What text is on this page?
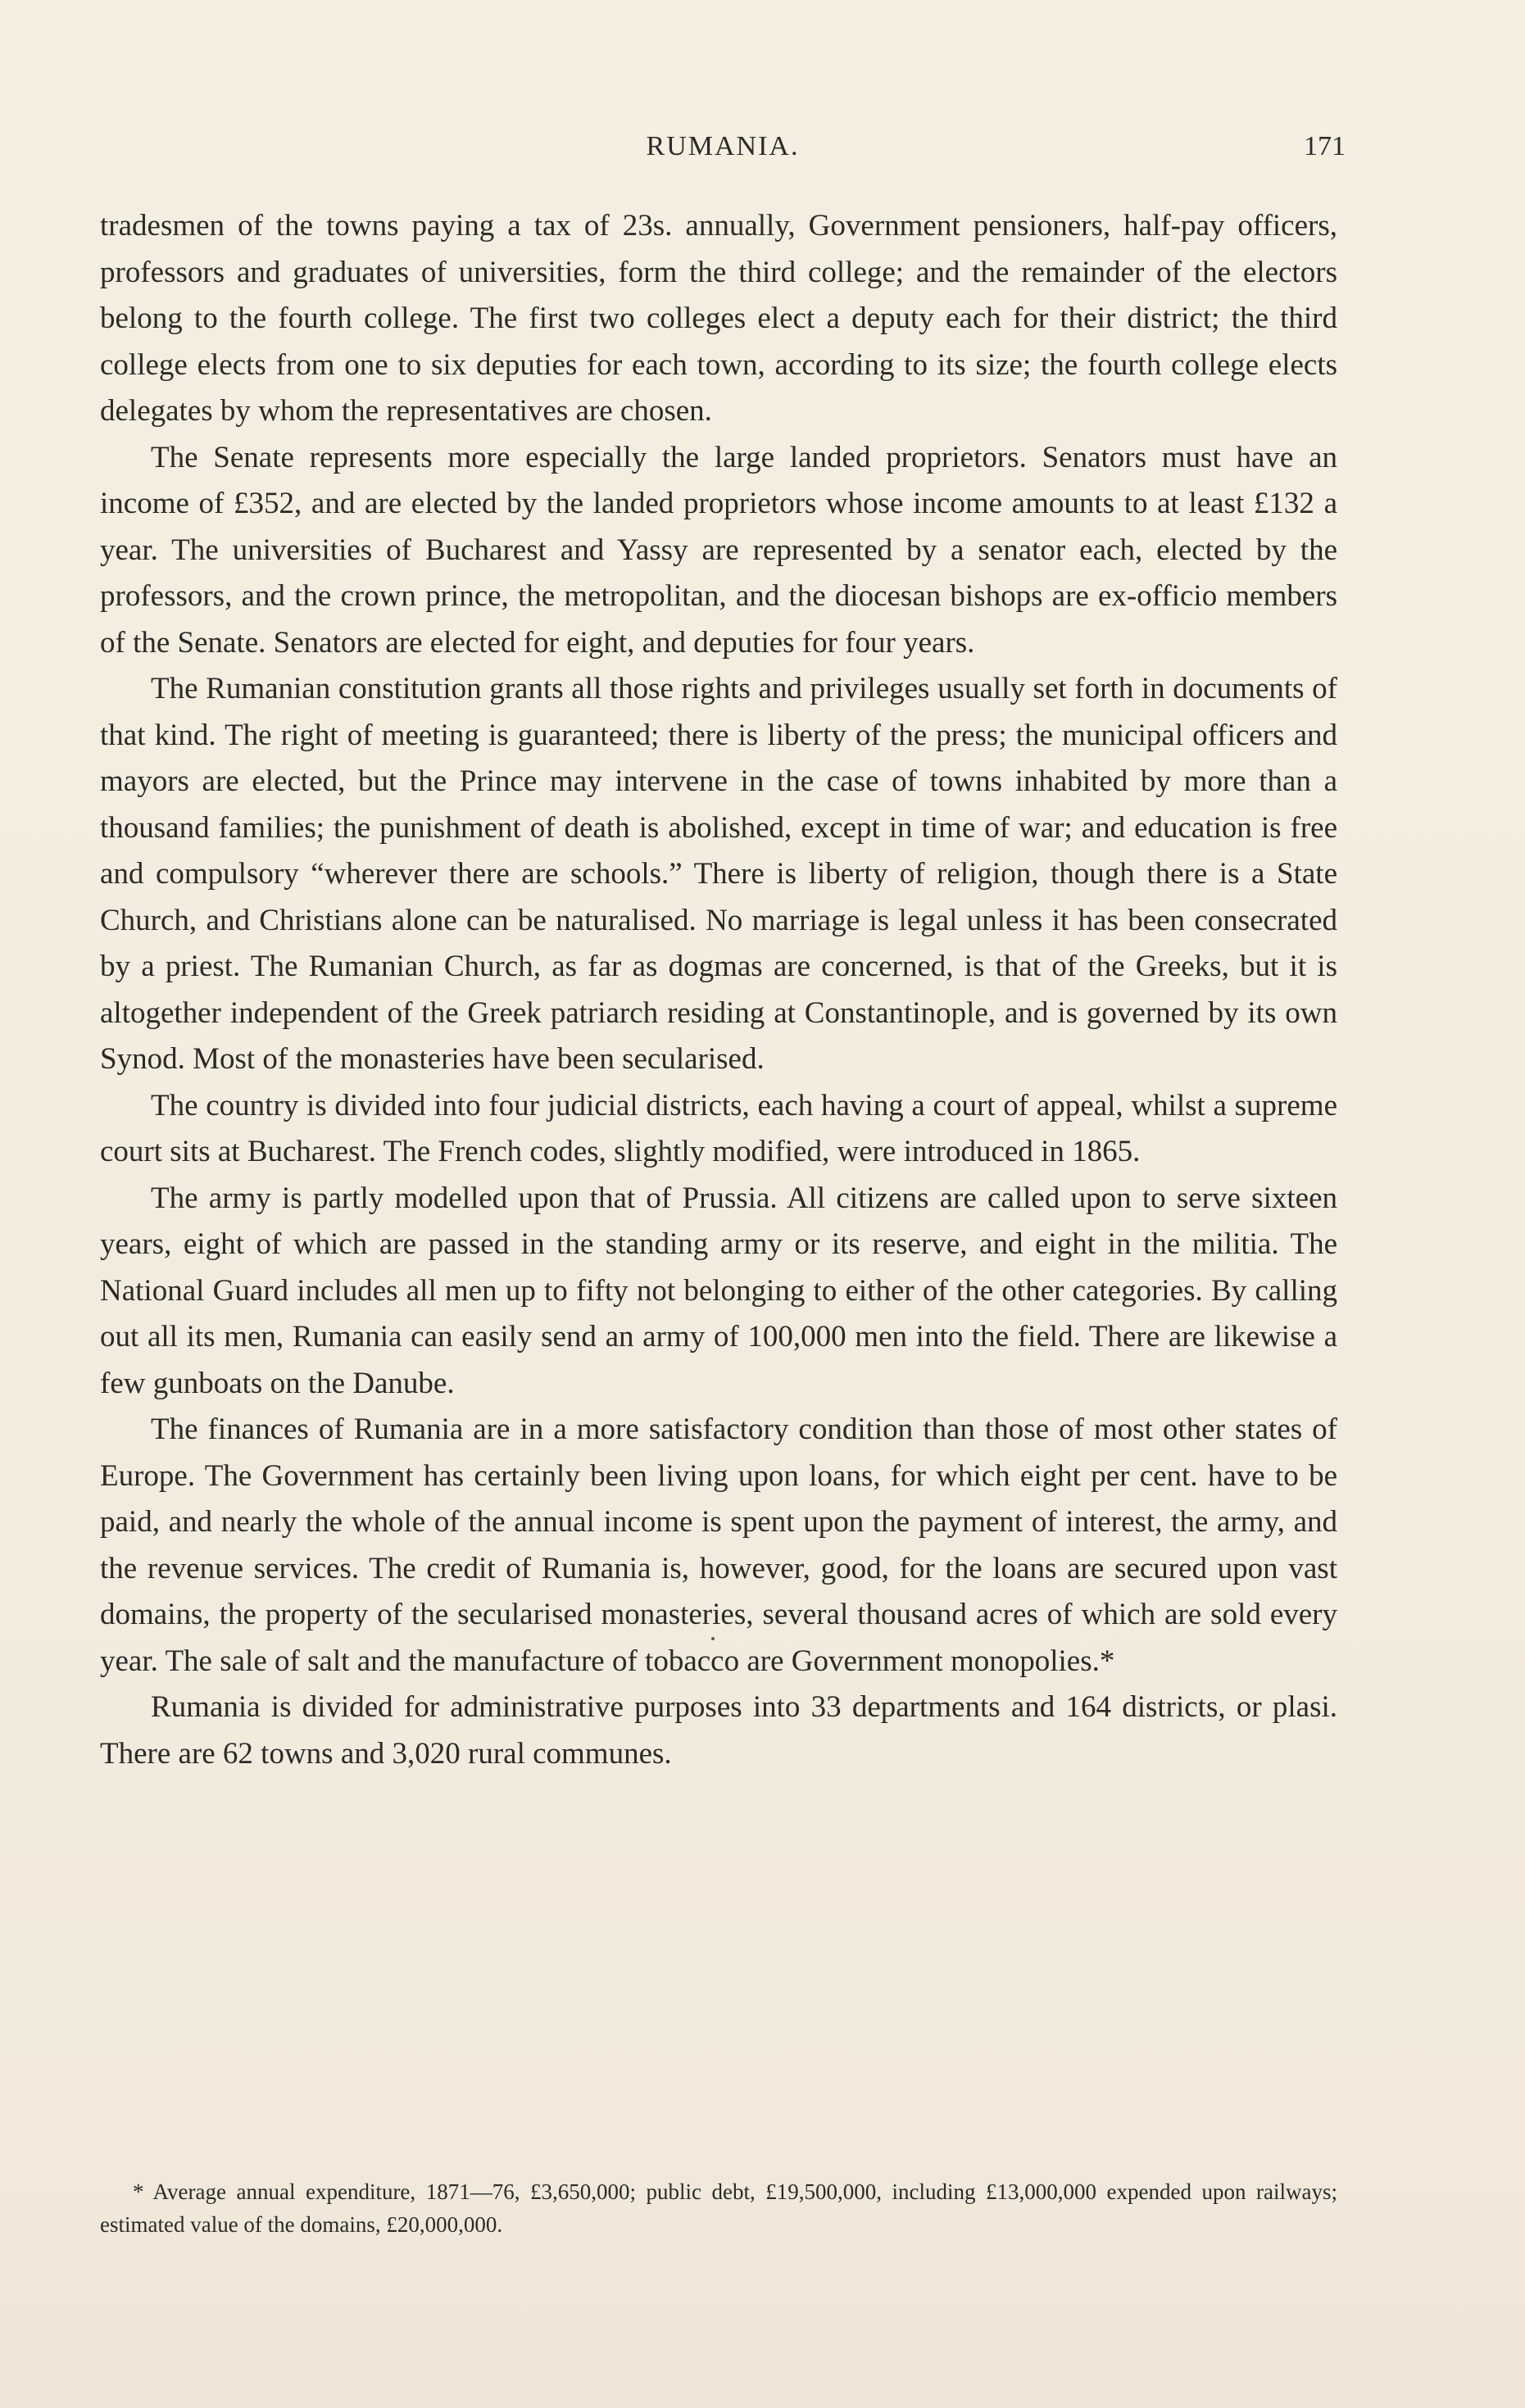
RUMANIA.	171

tradesmen of the towns paying a tax of 23s. annually, Government pensioners, half-pay officers, professors and graduates of universities, form the third college; and the remainder of the electors belong to the fourth college. The first two colleges elect a deputy each for their district; the third college elects from one to six deputies for each town, according to its size; the fourth college elects delegates by whom the representatives are chosen.

The Senate represents more especially the large landed proprietors. Senators must have an income of £352, and are elected by the landed proprietors whose income amounts to at least £132 a year. The universities of Bucharest and Yassy are represented by a senator each, elected by the professors, and the crown prince, the metropolitan, and the diocesan bishops are ex-officio members of the Senate. Senators are elected for eight, and deputies for four years.

The Rumanian constitution grants all those rights and privileges usually set forth in documents of that kind. The right of meeting is guaranteed; there is liberty of the press; the municipal officers and mayors are elected, but the Prince may intervene in the case of towns inhabited by more than a thousand families; the punishment of death is abolished, except in time of war; and education is free and compulsory “wherever there are schools.” There is liberty of religion, though there is a State Church, and Christians alone can be naturalised. No marriage is legal unless it has been consecrated by a priest. The Rumanian Church, as far as dogmas are concerned, is that of the Greeks, but it is altogether independent of the Greek patriarch residing at Constantinople, and is governed by its own Synod. Most of the monasteries have been secularised.

The country is divided into four judicial districts, each having a court of appeal, whilst a supreme court sits at Bucharest. The French codes, slightly modified, were introduced in 1865.

The army is partly modelled upon that of Prussia. All citizens are called upon to serve sixteen years, eight of which are passed in the standing army or its reserve, and eight in the militia. The National Guard includes all men up to fifty not belonging to either of the other categories. By calling out all its men, Rumania can easily send an army of 100,000 men into the field. There are likewise a few gunboats on the Danube.

The finances of Rumania are in a more satisfactory condition than those of most other states of Europe. The Government has certainly been living upon loans, for which eight per cent. have to be paid, and nearly the whole of the annual income is spent upon the payment of interest, the army, and the revenue services. The credit of Rumania is, however, good, for the loans are secured upon vast domains, the property of the secularised monasteries, several thousand acres of which are sold every year. The sale of salt and the manufacture of tobacco are Government monopolies.*

Rumania is divided for administrative purposes into 33 departments and 164 districts, or plasi. There are 62 towns and 3,020 rural communes.

* Average annual expenditure, 1871—76, £3,650,000; public debt, £19,500,000, including £13,000,000 expended upon railways; estimated value of the domains, £20,000,000.
